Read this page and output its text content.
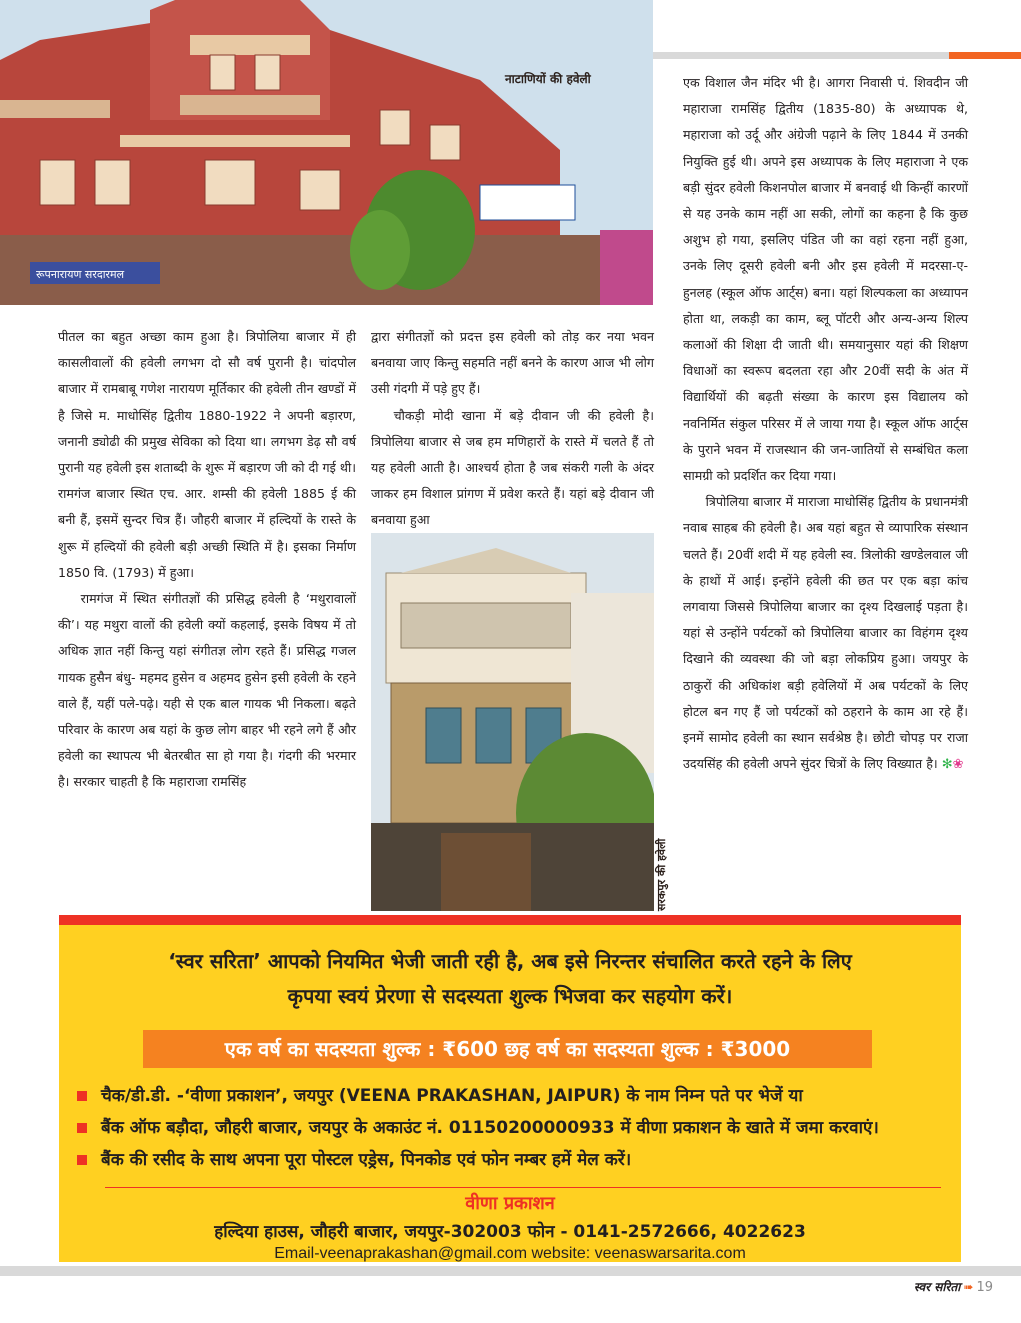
रूपनारायण सरदारमल
नाटाणियों की हवेली

पीतल का बहुत अच्छा काम हुआ है। त्रिपोलिया बाजार में ही कासलीवालों की हवेली लगभग दो सौ वर्ष पुरानी है। चांदपोल बाजार में रामबाबू गणेश नारायण मूर्तिकार की हवेली तीन खण्डों में है जिसे म. माधोसिंह द्वितीय 1880-1922 ने अपनी बड़ारण, जनानी ड्योढी की प्रमुख सेविका को दिया था। लगभग डेढ़ सौ वर्ष पुरानी यह हवेली इस शताब्दी के शुरू में बड़ारण जी को दी गई थी। रामगंज बाजार स्थित एच. आर. शम्सी की हवेली 1885 ई की बनी हैं, इसमें सुन्दर चित्र हैं। जौहरी बाजार में हल्दियों के रास्ते के शुरू में हल्दियों की हवेली बड़ी अच्छी स्थिति में है। इसका निर्माण 1850 वि. (1793) में हुआ।

रामगंज में स्थित संगीतज्ञों की प्रसिद्ध हवेली है ‘मथुरावालों की’। यह मथुरा वालों की हवेली क्यों कहलाई, इसके विषय में तो अधिक ज्ञात नहीं किन्तु यहां संगीतज्ञ लोग रहते हैं। प्रसिद्ध गजल गायक हुसैन बंधु- महमद हुसेन व अहमद हुसेन इसी हवेली के रहने वाले हैं, यहीं पले-पढ़े। यही से एक बाल गायक भी निकला। बढ़ते परिवार के कारण अब यहां के कुछ लोग बाहर भी रहने लगे हैं और हवेली का स्थापत्य भी बेतरबीत सा हो गया है। गंदगी की भरमार है। सरकार चाहती है कि महाराजा रामसिंह

द्वारा संगीतज्ञों को प्रदत्त इस हवेली को तोड़ कर नया भवन बनवाया जाए किन्तु सहमति नहीं बनने के कारण आज भी लोग उसी गंदगी में पड़े हुए हैं।

चौकड़ी मोदी खाना में बड़े दीवान जी की हवेली है। त्रिपोलिया बाजार से जब हम मणिहारों के रास्ते में चलते हैं तो यह हवेली आती है। आश्चर्य होता है जब संकरी गली के अंदर जाकर हम विशाल प्रांगण में प्रवेश करते हैं। यहां बड़े दीवान जी बनवाया हुआ

सरकपुर की हवेली

एक विशाल जैन मंदिर भी है। आगरा निवासी पं. शिवदीन जी महाराजा रामसिंह द्वितीय (1835-80) के अध्यापक थे, महाराजा को उर्दू और अंग्रेजी पढ़ाने के लिए 1844 में उनकी नियुक्ति हुई थी। अपने इस अध्यापक के लिए महाराजा ने एक बड़ी सुंदर हवेली किशनपोल बाजार में बनवाई थी किन्हीं कारणों से यह उनके काम नहीं आ सकी, लोगों का कहना है कि कुछ अशुभ हो गया, इसलिए पंडित जी का वहां रहना नहीं हुआ, उनके लिए दूसरी हवेली बनी और इस हवेली में मदरसा-ए-हुनलह (स्कूल ऑफ आर्ट्स) बना। यहां शिल्पकला का अध्यापन होता था, लकड़ी का काम, ब्लू पॉटरी और अन्य-अन्य शिल्प कलाओं की शिक्षा दी जाती थी। समयानुसार यहां की शिक्षण विधाओं का स्वरूप बदलता रहा और 20वीं सदी के अंत में विद्यार्थियों की बढ़ती संख्या के कारण इस विद्यालय को नवनिर्मित संकुल परिसर में ले जाया गया है। स्कूल ऑफ आर्ट्स के पुराने भवन में राजस्थान की जन-जातियों से सम्बंधित कला सामग्री को प्रदर्शित कर दिया गया।

त्रिपोलिया बाजार में माराजा माधोसिंह द्वितीय के प्रधानमंत्री नवाब साहब की हवेली है। अब यहां बहुत से व्यापारिक संस्थान चलते हैं। 20वीं शदी में यह हवेली स्व. त्रिलोकी खण्डेलवाल जी के हाथों में आई। इन्होंने हवेली की छत पर एक बड़ा कांच लगवाया जिससे त्रिपोलिया बाजार का दृश्य दिखलाई पड़ता है। यहां से उन्होंने पर्यटकों को त्रिपोलिया बाजार का विहंगम दृश्य दिखाने की व्यवस्था की जो बड़ा लोकप्रिय हुआ। जयपुर के ठाकुरों की अधिकांश बड़ी हवेलियों में अब पर्यटकों के लिए होटल बन गए हैं जो पर्यटकों को ठहराने के काम आ रहे हैं। इनमें सामोद हवेली का स्थान सर्वश्रेष्ठ है। छोटी चोपड़ पर राजा उदयसिंह की हवेली अपने सुंदर चित्रों के लिए विख्यात है। ✻❀

‘स्वर सरिता’ आपको नियमित भेजी जाती रही है, अब इसे निरन्तर संचालित करते रहने के लिए
कृपया स्वयं प्रेरणा से सदस्यता शुल्क भिजवा कर सहयोग करें।
एक वर्ष का सदस्यता शुल्क : ₹600 छह वर्ष का सदस्यता शुल्क : ₹3000
चैक/डी.डी. -‘वीणा प्रकाशन’, जयपुर (VEENA PRAKASHAN, JAIPUR) के नाम निम्न पते पर भेजें या
बैंक ऑफ बड़ौदा, जौहरी बाजार, जयपुर के अकाउंट नं. 01150200000933 में वीणा प्रकाशन के खाते में जमा करवाएं।
बैंक की रसीद के साथ अपना पूरा पोस्टल एड्रेस, पिनकोड एवं फोन नम्बर हमें मेल करें।
वीणा प्रकाशन
हल्दिया हाउस, जौहरी बाजार, जयपुर-302003 फोन - 0141-2572666, 4022623
Email-veenaprakashan@gmail.com website: veenaswarsarita.com
स्वर सरिता ➠ 19
